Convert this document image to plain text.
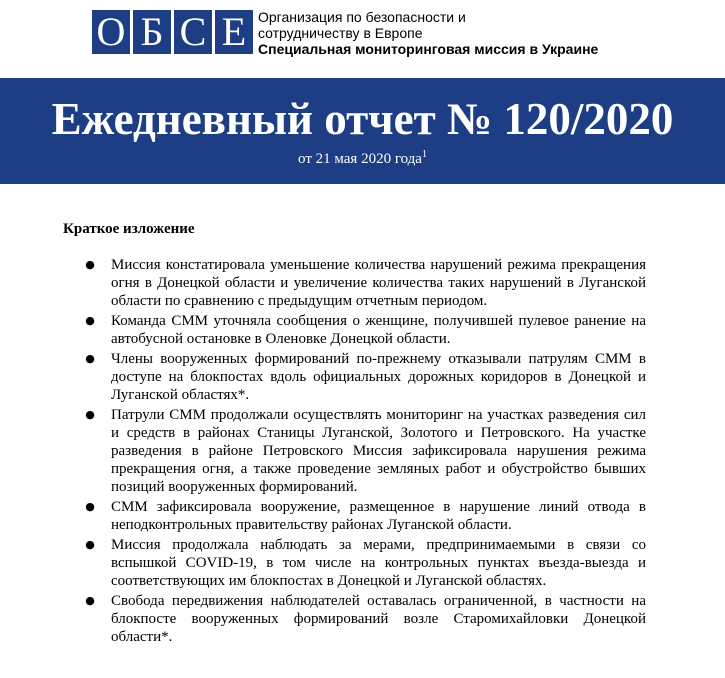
О Б С Е Организация по безопасности и
сотрудничеству в Европе
Специальная мониторинговая миссия в Украине
Ежедневный отчет № 120/2020
от 21 мая 2020 года$^1$
Краткое изложение
● Миссия констатировала уменьшение количества нарушений режима прекращения огня в Донецкой области и увеличение количества таких нарушений в Луганской области по сравнению с предыдущим отчетным периодом.
● Команда СММ уточняла сообщения о женщине, получившей пулевое ранение на автобусной остановке в Оленовке Донецкой области.
● Члены вооруженных формирований по-прежнему отказывали патрулям СММ в доступе на блокпостах вдоль официальных дорожных коридоров в Донецкой и Луганской областях*.
● Патрули СММ продолжали осуществлять мониторинг на участках разведения сил и средств в районах Станицы Луганской, Золотого и Петровского. На участке разведения в районе Петровского Миссия зафиксировала нарушения режима прекращения огня, а также проведение земляных работ и обустройство бывших позиций вооруженных формирований.
● СММ зафиксировала вооружение, размещенное в нарушение линий отвода в неподконтрольных правительству районах Луганской области.
● Миссия продолжала наблюдать за мерами, предпринимаемыми в связи со вспышкой COVID-19, в том числе на контрольных пунктах въезда-выезда и соответствующих им блокпостах в Донецкой и Луганской областях.
● Свобода передвижения наблюдателей оставалась ограниченной, в частности на блокпосте вооруженных формирований возле Старомихайловки Донецкой области*.
